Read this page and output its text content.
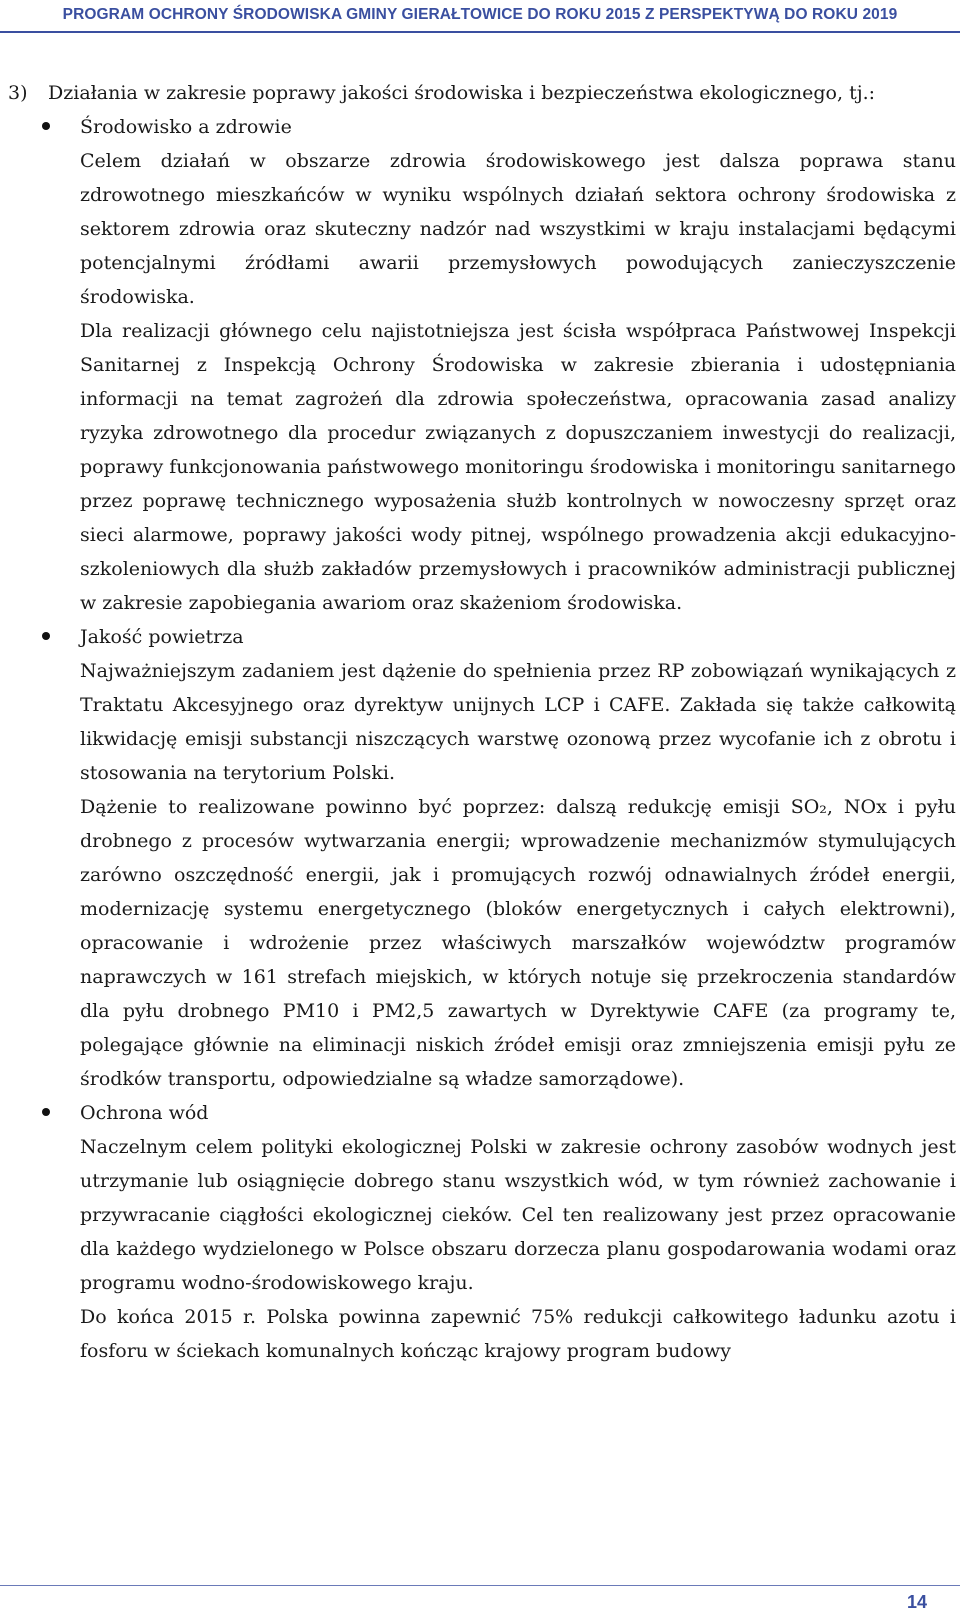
PROGRAM OCHRONY ŚRODOWISKA GMINY GIERAŁTOWICE DO ROKU 2015 Z PERSPEKTYWĄ DO ROKU 2019
3)	Działania w zakresie poprawy jakości środowiska i bezpieczeństwa ekologicznego, tj.:

Środowisko a zdrowie

Celem działań w obszarze zdrowia środowiskowego jest dalsza poprawa stanu zdrowotnego mieszkańców w wyniku wspólnych działań sektora ochrony środowiska z sektorem zdrowia oraz skuteczny nadzór nad wszystkimi w kraju instalacjami będącymi potencjalnymi źródłami awarii przemysłowych powodujących zanieczyszczenie środowiska.

Dla realizacji głównego celu najistotniejsza jest ścisła współpraca Państwowej Inspekcji Sanitarnej z Inspekcją Ochrony Środowiska w zakresie zbierania i udostępniania informacji na temat zagrożeń dla zdrowia społeczeństwa, opracowania zasad analizy ryzyka zdrowotnego dla procedur związanych z dopuszczaniem inwestycji do realizacji, poprawy funkcjonowania państwowego monitoringu środowiska i monitoringu sanitarnego przez poprawę technicznego wyposażenia służb kontrolnych w nowoczesny sprzęt oraz sieci alarmowe, poprawy jakości wody pitnej, wspólnego prowadzenia akcji edukacyjno-szkoleniowych dla służb zakładów przemysłowych i pracowników administracji publicznej w zakresie zapobiegania awariom oraz skażeniom środowiska.

Jakość powietrza

Najważniejszym zadaniem jest dążenie do spełnienia przez RP zobowiązań wynikających z Traktatu Akcesyjnego oraz dyrektyw unijnych LCP i CAFE. Zakłada się także całkowitą likwidację emisji substancji niszczących warstwę ozonową przez wycofanie ich z obrotu i stosowania na terytorium Polski.

Dążenie to realizowane powinno być poprzez: dalszą redukcję emisji SO₂, NOx i pyłu drobnego z procesów wytwarzania energii; wprowadzenie mechanizmów stymulujących zarówno oszczędność energii, jak i promujących rozwój odnawialnych źródeł energii, modernizację systemu energetycznego (bloków energetycznych i całych elektrowni), opracowanie i wdrożenie przez właściwych marszałków województw programów naprawczych w 161 strefach miejskich, w których notuje się przekroczenia standardów dla pyłu drobnego PM10 i PM2,5 zawartych w Dyrektywie CAFE (za programy te, polegające głównie na eliminacji niskich źródeł emisji oraz zmniejszenia emisji pyłu ze środków transportu, odpowiedzialne są władze samorządowe).

Ochrona wód

Naczelnym celem polityki ekologicznej Polski w zakresie ochrony zasobów wodnych jest utrzymanie lub osiągnięcie dobrego stanu wszystkich wód, w tym również zachowanie i przywracanie ciągłości ekologicznej cieków. Cel ten realizowany jest przez opracowanie dla każdego wydzielonego w Polsce obszaru dorzecza planu gospodarowania wodami oraz programu wodno-środowiskowego kraju.

Do końca 2015 r. Polska powinna zapewnić 75% redukcji całkowitego ładunku azotu i fosforu w ściekach komunalnych kończąc krajowy program budowy

14
